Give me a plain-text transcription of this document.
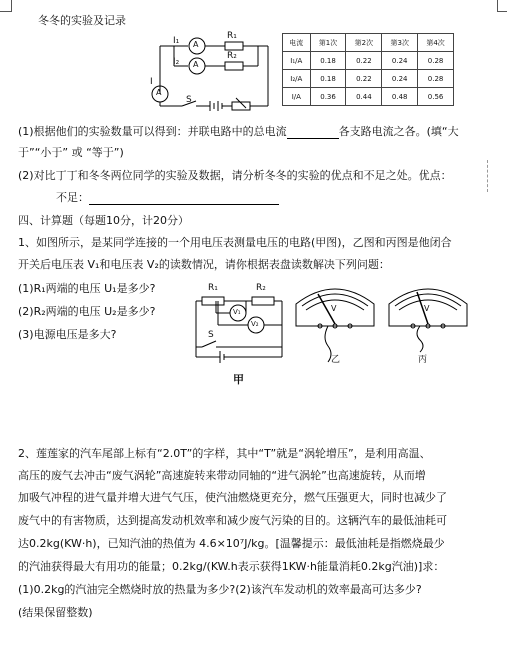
冬冬的实验及记录
I₁	R₁
I₂
R₂
I
S
A
A
A
电流	第1次	第2次	第3次	第4次
I₁/A	0.18	0.22	0.24	0.28
I₂/A	0.18	0.22	0.24	0.28
I/A	0.36	0.44	0.48	0.56
(1)根据他们的实验数量可以得到：并联电路中的总电流	各支路电流之各。(填“大
于”“小于” 或 “等于”)
(2)对比丁丁和冬冬两位同学的实验及数据，请分析冬冬的实验的优点和不足之处。优点：
不足：
四、计算题（每题10分，计20分）
1、如图所示，是某同学连接的一个用电压表测量电压的电路(甲图)，乙图和丙图是他闭合
开关后电压表 V₁和电压表 V₂的读数情况，请你根据表盘读数解决下列问题：
(1)R₁两端的电压 U₁是多少?
(2)R₂两端的电压 U₂是多少?
(3)电源电压是多大?
R₁	R₂
V₁
V₂
S
甲
V
乙
V
丙
2、莲莲家的汽车尾部上标有“2.0T”的字样，其中“T”就是“涡轮增压”，是利用高温、
高压的废气去冲击“废气涡轮”高速旋转来带动同轴的“进气涡轮”也高速旋转，从而增
加吸气冲程的进气量并增大进气气压，使汽油燃烧更充分，燃气压强更大，同时也减少了
废气中的有害物质，达到提高发动机效率和减少废气污染的目的。这辆汽车的最低油耗可
达0.2kg(KW·h)，已知汽油的热值为 4.6×10⁷J/kg。[温馨提示：最低油耗是指燃烧最少
的汽油获得最大有用功的能量；0.2kg/(KW.h表示获得1KW·h能量消耗0.2kg汽油)]求：
(1)0.2kg的汽油完全燃烧时放的热量为多少?(2)该汽车发动机的效率最高可达多少?
(结果保留整数)
